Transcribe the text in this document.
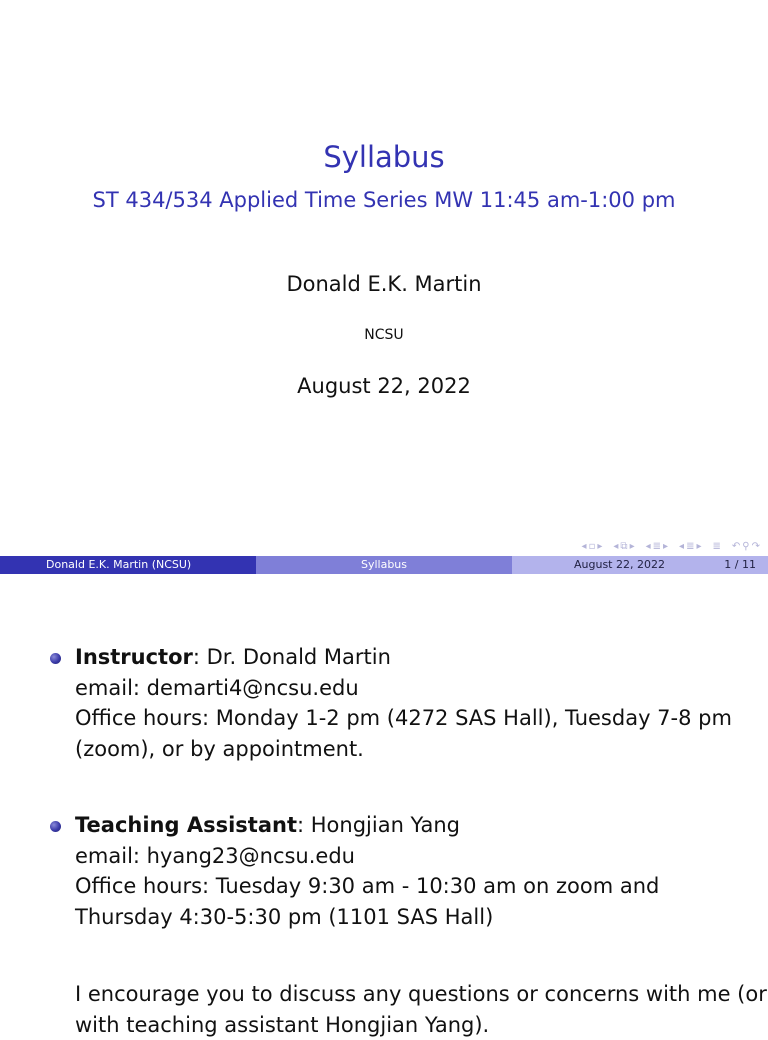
Syllabus
ST 434/534 Applied Time Series MW 11:45 am-1:00 pm
Donald E.K. Martin
NCSU
August 22, 2022
◂ ▫ ▸ ◂ ⧉ ▸ ◂ ≣ ▸ ◂ ≣ ▸ ≣ ↶ ⚲ ↷
Donald E.K. Martin (NCSU)	Syllabus	August 22, 2022	1 / 11
Instructor: Dr. Donald Martin
email: demarti4@ncsu.edu
Office hours: Monday 1-2 pm (4272 SAS Hall), Tuesday 7-8 pm
(zoom), or by appointment.
Teaching Assistant: Hongjian Yang
email: hyang23@ncsu.edu
Office hours: Tuesday 9:30 am - 10:30 am on zoom and
Thursday 4:30-5:30 pm (1101 SAS Hall)
I encourage you to discuss any questions or concerns with me (or
with teaching assistant Hongjian Yang).
